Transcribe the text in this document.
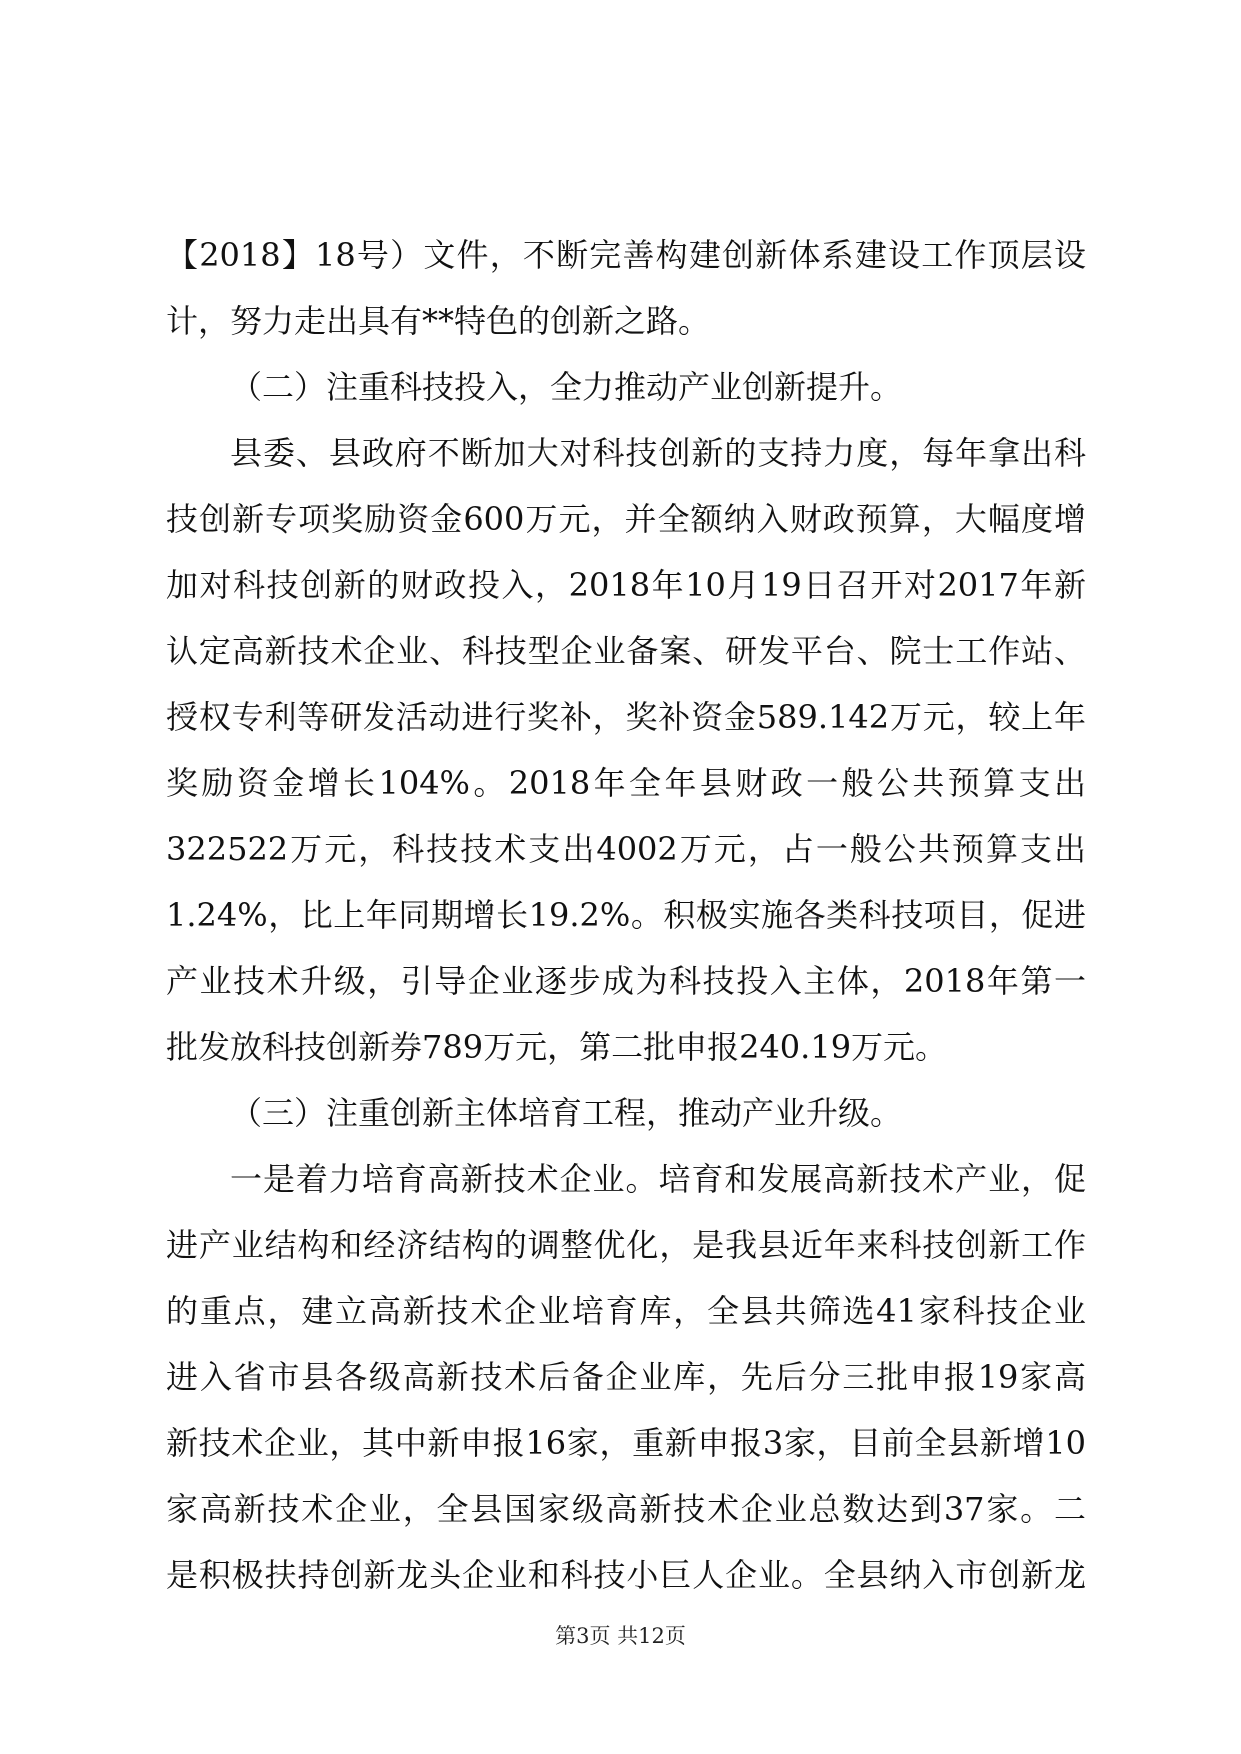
【2018】18号）文件，不断完善构建创新体系建设工作顶层设
计，努力走出具有**特色的创新之路。
（二）注重科技投入，全力推动产业创新提升。
县委、县政府不断加大对科技创新的支持力度，每年拿出科
技创新专项奖励资金600万元，并全额纳入财政预算，大幅度增
加对科技创新的财政投入，2018年10月19日召开对2017年新
认定高新技术企业、科技型企业备案、研发平台、院士工作站、
授权专利等研发活动进行奖补，奖补资金589.142万元，较上年
奖励资金增长104%。2018年全年县财政一般公共预算支出
322522万元，科技技术支出4002万元，占一般公共预算支出
1.24%，比上年同期增长19.2%。积极实施各类科技项目，促进
产业技术升级，引导企业逐步成为科技投入主体，2018年第一
批发放科技创新券789万元，第二批申报240.19万元。
（三）注重创新主体培育工程，推动产业升级。
一是着力培育高新技术企业。培育和发展高新技术产业，促
进产业结构和经济结构的调整优化，是我县近年来科技创新工作
的重点，建立高新技术企业培育库，全县共筛选41家科技企业
进入省市县各级高新技术后备企业库，先后分三批申报19家高
新技术企业，其中新申报16家，重新申报3家，目前全县新增10
家高新技术企业，全县国家级高新技术企业总数达到37家。二
是积极扶持创新龙头企业和科技小巨人企业。全县纳入市创新龙
第3页 共12页
